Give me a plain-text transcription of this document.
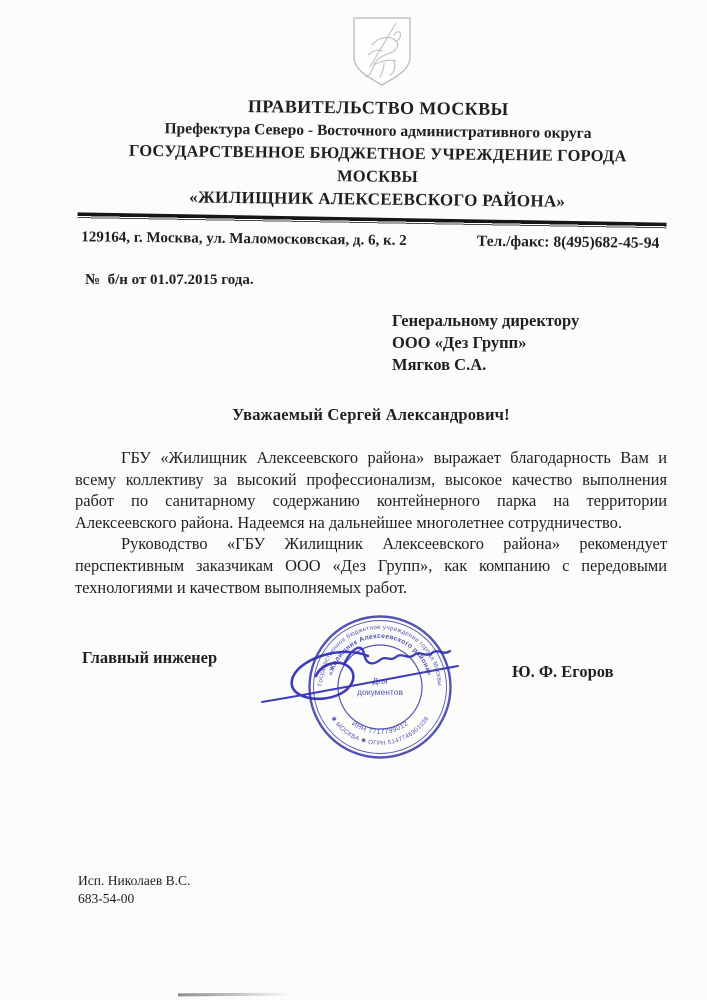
ПРАВИТЕЛЬСТВО МОСКВЫ
Префектура Северо - Восточного административного округа
ГОСУДАРСТВЕННОЕ БЮДЖЕТНОЕ УЧРЕЖДЕНИЕ ГОРОДА
МОСКВЫ
«ЖИЛИЩНИК АЛЕКСЕЕВСКОГО РАЙОНА»
129164, г. Москва, ул. Маломосковская, д. 6, к. 2	Тел./факс: 8(495)682-45-94
№  б/н от 01.07.2015 года.
Генеральному директору
ООО «Дез Групп»
Мягков С.А.
Уважаемый Сергей Александрович!

ГБУ «Жилищник Алексеевского района» выражает благодарность Вам и всему коллективу за высокий профессионализм, высокое качество выполнения работ по санитарному содержанию контейнерного парка на территории Алексеевского района. Надеемся на дальнейшее многолетнее сотрудничество.

Руководство «ГБУ Жилищник Алексеевского района» рекомендует перспективным заказчикам ООО «Дез Групп», как компанию с передовыми технологиями и качеством выполняемых работ.

Главный инженер
Ю. Ф. Егоров
Государственное бюджетное учреждение города Москвы
✱ МОСКВА ✱ ОГРН 5147746301036
«Жилищник Алексеевского района»
ИНН 7717799012
Для
документов
Исп. Николаев В.С.
683-54-00
